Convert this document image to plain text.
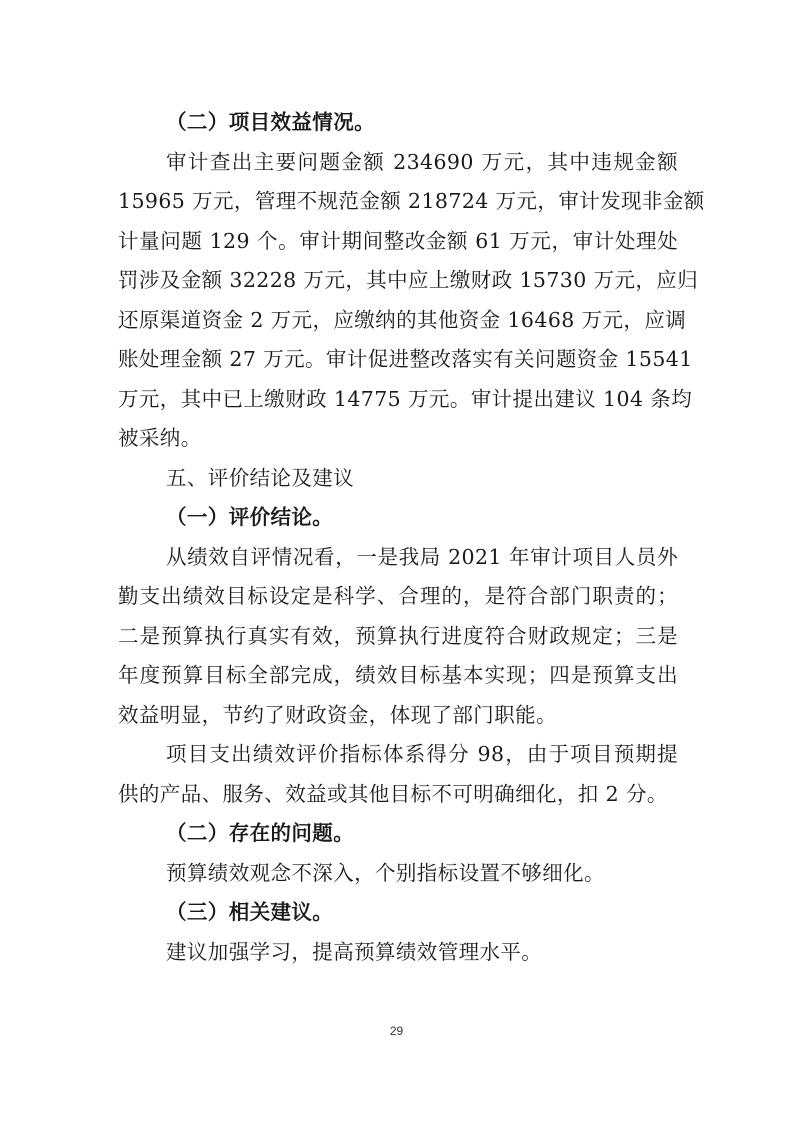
（二）项目效益情况。
审计查出主要问题金额 234690 万元，其中违规金额
15965 万元，管理不规范金额 218724 万元，审计发现非金额
计量问题 129 个。审计期间整改金额 61 万元，审计处理处
罚涉及金额 32228 万元，其中应上缴财政 15730 万元，应归
还原渠道资金 2 万元，应缴纳的其他资金 16468 万元，应调
账处理金额 27 万元。审计促进整改落实有关问题资金 15541
万元，其中已上缴财政 14775 万元。审计提出建议 104 条均
被采纳。
五、评价结论及建议
（一）评价结论。
从绩效自评情况看，一是我局 2021 年审计项目人员外
勤支出绩效目标设定是科学、合理的，是符合部门职责的；
二是预算执行真实有效，预算执行进度符合财政规定；三是
年度预算目标全部完成，绩效目标基本实现；四是预算支出
效益明显，节约了财政资金，体现了部门职能。
项目支出绩效评价指标体系得分 98，由于项目预期提
供的产品、服务、效益或其他目标不可明确细化，扣 2 分。
（二）存在的问题。
预算绩效观念不深入，个别指标设置不够细化。
（三）相关建议。
建议加强学习，提高预算绩效管理水平。
29
